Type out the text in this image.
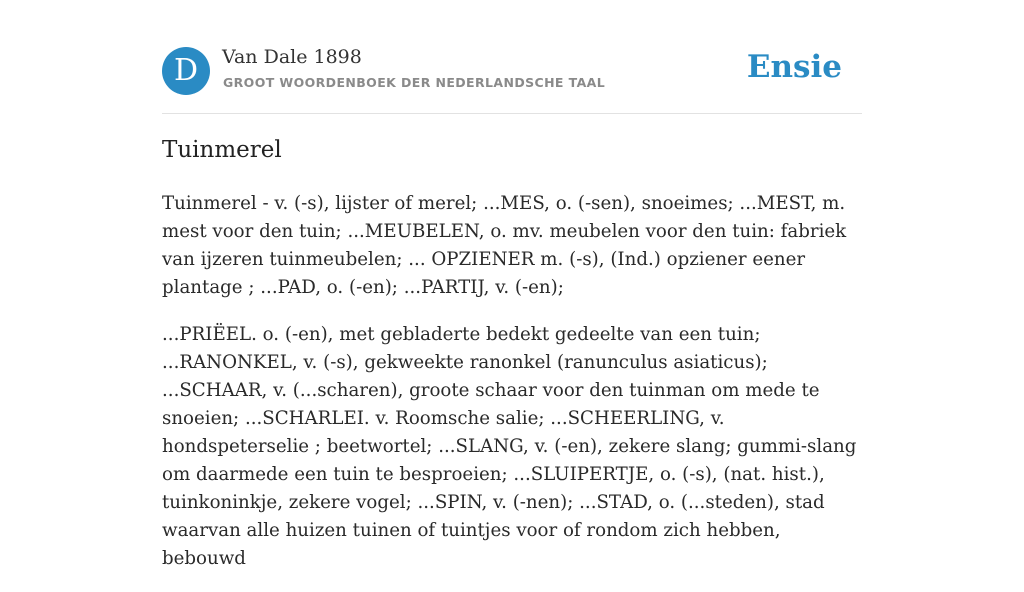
D	Van Dale 1898
GROOT WOORDENBOEK DER NEDERLANDSCHE TAAL	Ensie
Tuinmerel

Tuinmerel - v. (-s), lijster of merel; ...MES, o. (-sen), snoeimes; ...MEST, m. mest voor den tuin; ...MEUBELEN, o. mv. meubelen voor den tuin: fabriek van ijzeren tuinmeubelen; ... OPZIENER m. (-s), (Ind.) opziener eener plantage ; ...PAD, o. (-en); ...PARTIJ, v. (-en);

...PRIËEL. o. (-en), met gebladerte bedekt gedeelte van een tuin; ...RANONKEL, v. (-s), gekweekte ranonkel (ranunculus asiaticus); ...SCHAAR, v. (...scharen), groote schaar voor den tuinman om mede te snoeien; ...SCHARLEI. v. Roomsche salie; ...SCHEERLING, v. hondspeterselie ; beetwortel; ...SLANG, v. (-en), zekere slang; gummi-slang om daarmede een tuin te besproeien; ...SLUIPERTJE, o. (-s), (nat. hist.), tuinkoninkje, zekere vogel; ...SPIN, v. (-nen); ...STAD, o. (...steden), stad waarvan alle huizen tuinen of tuintjes voor of rondom zich hebben, bebouwd
